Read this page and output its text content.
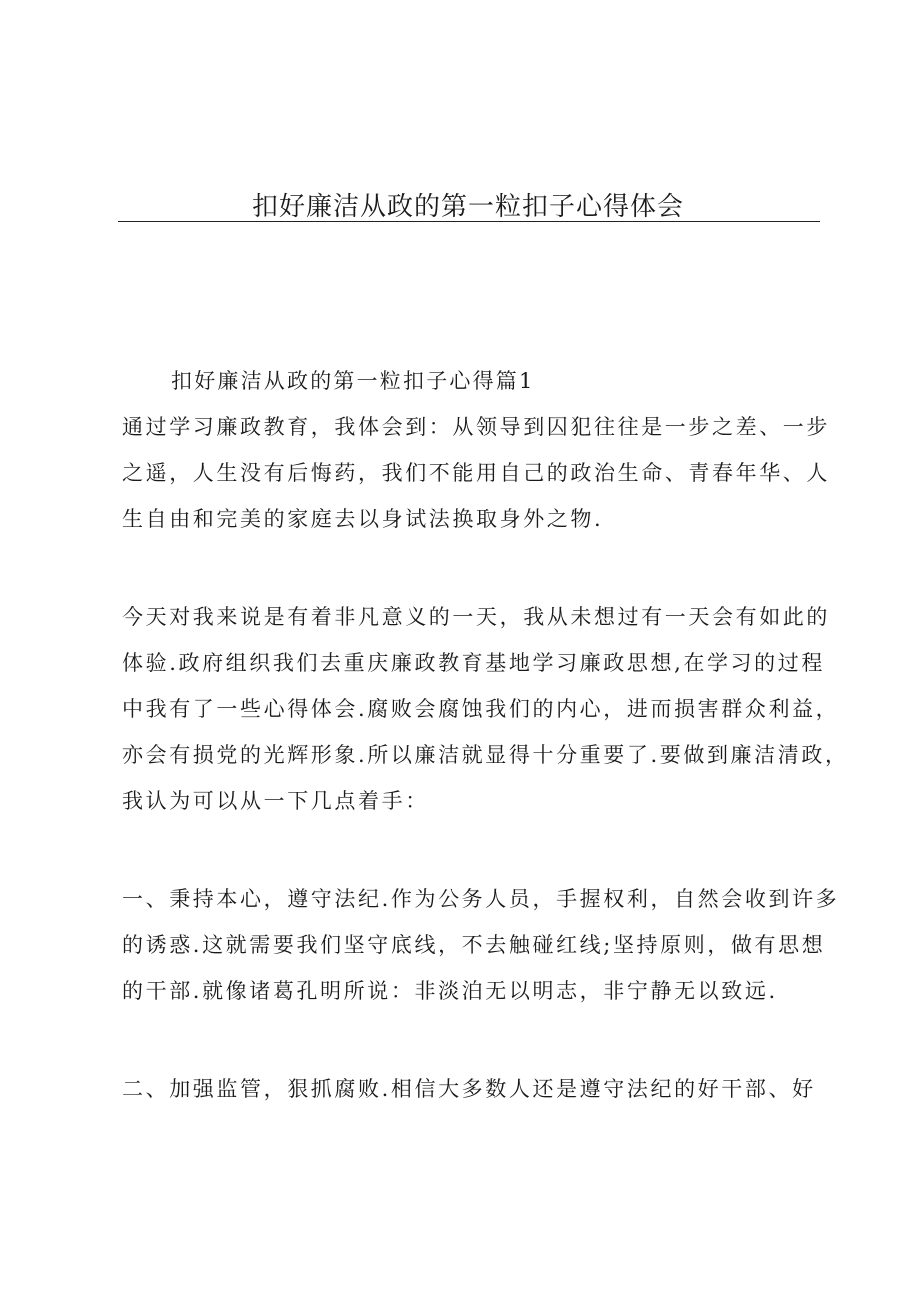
扣好廉洁从政的第一粒扣子心得体会
扣好廉洁从政的第一粒扣子心得篇1

通过学习廉政教育，我体会到：从领导到囚犯往往是一步之差、一步
之遥，人生没有后悔药，我们不能用自己的政治生命、青春年华、人
生自由和完美的家庭去以身试法换取身外之物.

今天对我来说是有着非凡意义的一天，我从未想过有一天会有如此的
体验.政府组织我们去重庆廉政教育基地学习廉政思想,在学习的过程
中我有了一些心得体会.腐败会腐蚀我们的内心，进而损害群众利益，
亦会有损党的光辉形象.所以廉洁就显得十分重要了.要做到廉洁清政，
我认为可以从一下几点着手：

一、秉持本心，遵守法纪.作为公务人员，手握权利，自然会收到许多
的诱惑.这就需要我们坚守底线，不去触碰红线;坚持原则，做有思想
的干部.就像诸葛孔明所说：非淡泊无以明志，非宁静无以致远.

二、加强监管，狠抓腐败.相信大多数人还是遵守法纪的好干部、好
